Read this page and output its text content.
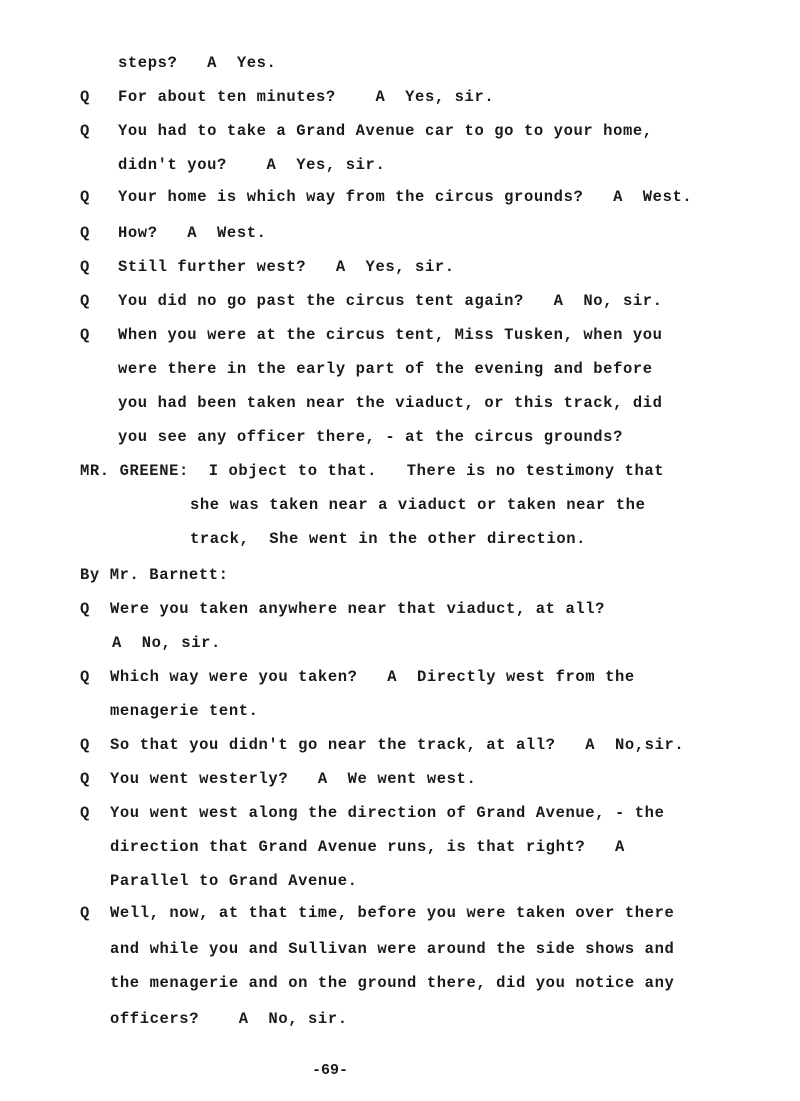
steps?   A  Yes.
Q For about ten minutes?    A  Yes, sir.
Q You had to take a Grand Avenue car to go to your home,
didn't you?    A  Yes, sir.
Q Your home is which way from the circus grounds?   A  West.
Q How?   A  West.
Q Still further west?   A  Yes, sir.
Q You did no go past the circus tent again?   A  No, sir.
Q When you were at the circus tent, Miss Tusken, when you
were there in the early part of the evening and before
you had been taken near the viaduct, or this track, did
you see any officer there, - at the circus grounds?
MR. GREENE:  I object to that.   There is no testimony that
she was taken near a viaduct or taken near the
track,  She went in the other direction.
By Mr. Barnett:
Q Were you taken anywhere near that viaduct, at all?
A  No, sir.
Q Which way were you taken?   A  Directly west from the
menagerie tent.
Q So that you didn't go near the track, at all?   A  No,sir.
Q You went westerly?   A  We went west.
Q You went west along the direction of Grand Avenue, - the
direction that Grand Avenue runs, is that right?   A
Parallel to Grand Avenue.
Q Well, now, at that time, before you were taken over there
and while you and Sullivan were around the side shows and
the menagerie and on the ground there, did you notice any
officers?    A  No, sir.
-69-
